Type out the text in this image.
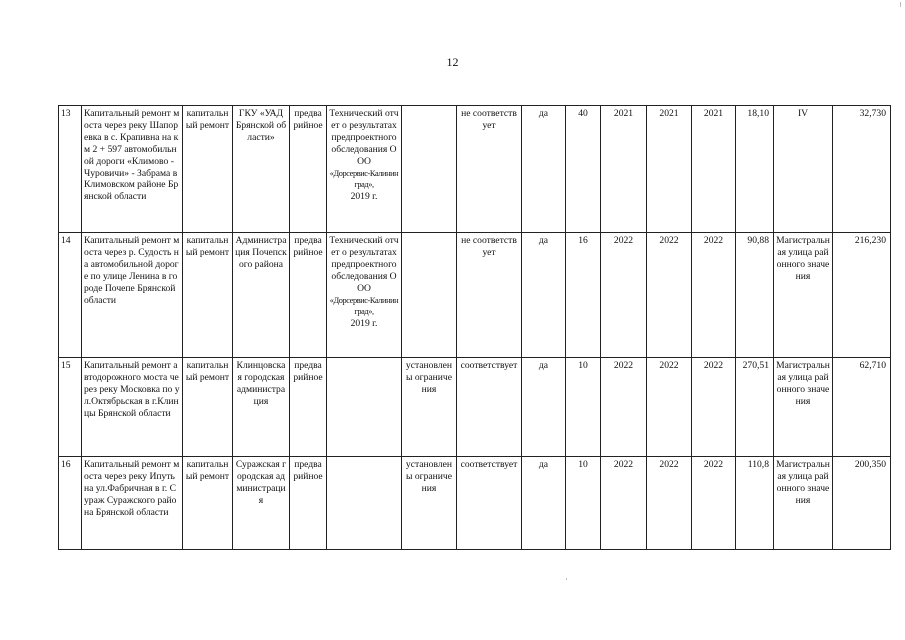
12
13	Капитальный ремонт моста через реку Шапоревка в с. Крапивна на км 2 + 597 автомобильной дороги «Климово - Чуровичи» - Забрама в Климовском районе Брянской области	капитальный ремонт	ГКУ «УАД Брянской области»	предварийное	Технический отчет о результатах предпроектного обследования ООО
«Дорсервис-Калининград»,
2019 г.		не соответствует	да	40	2021	2021	2021	18,10	IV	32,730
14	Капитальный ремонт моста через р. Судость на автомобильной дороге по улице Ленина в городе Почепе Брянской области	капитальный ремонт	Администрация Почепского района	предварийное	Технический отчет о результатах предпроектного обследования ООО
«Дорсервис-Калининград»,
2019 г.		не соответствует	да	16	2022	2022	2022	90,88	Магистральная улица районного значения	216,230
15	Капитальный ремонт автодорожного моста через реку Московка по ул.Октябрьская в г.Клинцы Брянской области	капитальный ремонт	Клинцовская городская администрация	предварийное		установлены ограничения	соответствует	да	10	2022	2022	2022	270,51	Магистральная улица районного значения	62,710
16	Капитальный ремонт моста через реку Ипуть на ул.Фабричная в г. Сураж Суражского района Брянской области	капитальный ремонт	Суражская городская администрация	предварийное		установлены ограничения	соответствует	да	10	2022	2022	2022	110,8	Магистральная улица районного значения	200,350
